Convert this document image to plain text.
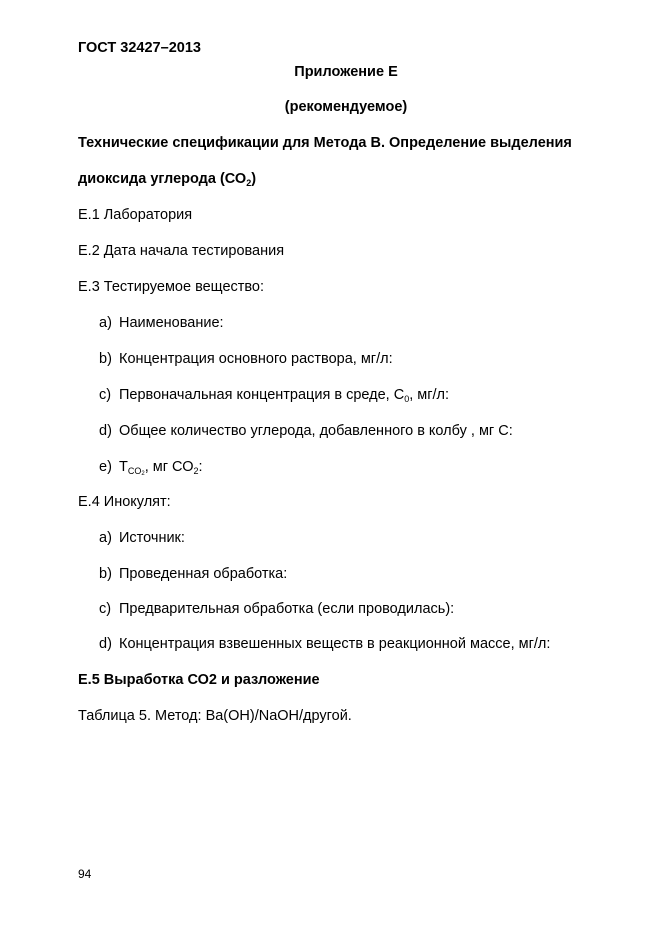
ГОСТ 32427–2013
Приложение Е
(рекомендуемое)
Технические спецификации для Метода В. Определение выделения
диоксида углерода $(СО_2)$
Е.1 Лаборатория
Е.2 Дата начала тестирования
Е.3 Тестируемое вещество:
a) Наименование:
b) Концентрация основного раствора, мг/л:
c) Первоначальная концентрация в среде, $С_0$, мг/л:
d) Общее количество углерода, добавленного в колбу , мг С:
e) $Т_{CO2}$, мг $СО_2$:
Е.4 Инокулят:
a) Источник:
b) Проведенная обработка:
c) Предварительная обработка (если проводилась):
d) Концентрация взвешенных веществ в реакционной массе, мг/л:
Е.5 Выработка СО2 и разложение
Таблица 5. Метод: Ва(ОН)/NaОН/другой.
94
